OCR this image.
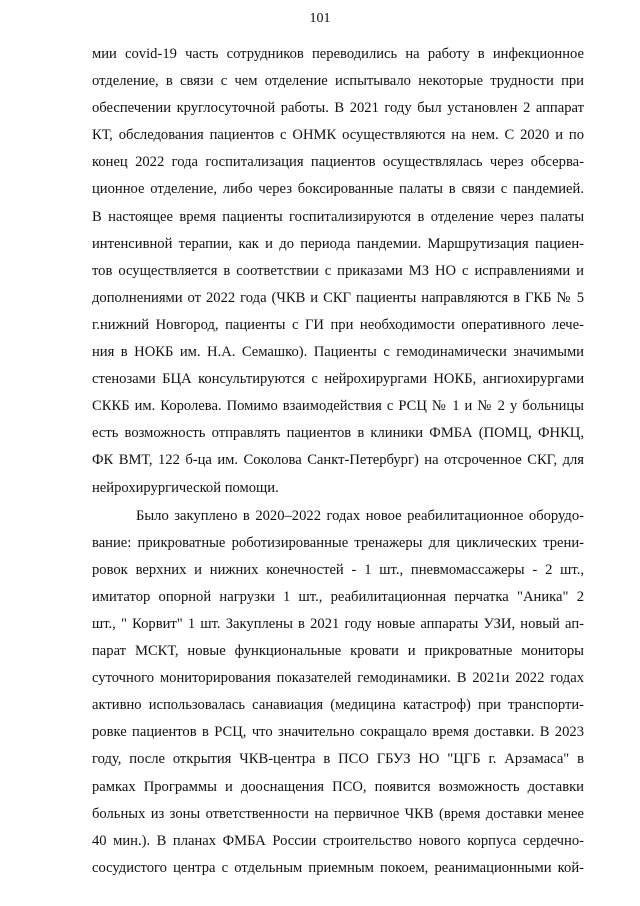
101
мии covid-19 часть сотрудников переводились на работу в инфекционное
отделение, в связи с чем отделение испытывало некоторые трудности при
обеспечении круглосуточной работы. В 2021 году был установлен 2 аппарат
КТ, обследования пациентов с ОНМК осуществляются на нем. С 2020 и по
конец 2022 года госпитализация пациентов осуществлялась через обсерва-
ционное отделение, либо через боксированные палаты в связи с пандемией.
В настоящее время пациенты госпитализируются в отделение через палаты
интенсивной терапии, как и до периода пандемии. Маршрутизация пациен-
тов осуществляется в соответствии с приказами МЗ НО с исправлениями и
дополнениями от 2022 года (ЧКВ и СКГ пациенты направляются в ГКБ № 5
г.нижний Новгород, пациенты с ГИ при необходимости оперативного лече-
ния в НОКБ им. Н.А. Семашко). Пациенты с гемодинамически значимыми
стенозами БЦА консультируются с нейрохирургами НОКБ, ангиохирургами
СККБ им. Королева. Помимо взаимодействия с РСЦ № 1 и № 2 у больницы
есть возможность отправлять пациентов в клиники ФМБА (ПОМЦ, ФНКЦ,
ФК ВМТ, 122 б-ца им. Соколова Санкт-Петербург) на отсроченное СКГ, для
нейрохирургической помощи.
Было закуплено в 2020–2022 годах новое реабилитационное оборудо-
вание: прикроватные роботизированные тренажеры для циклических трени-
ровок верхних и нижних конечностей - 1 шт., пневмомассажеры - 2 шт.,
имитатор опорной нагрузки 1 шт., реабилитационная перчатка "Аника" 2
шт., " Корвит" 1 шт. Закуплены в 2021 году новые аппараты УЗИ, новый ап-
парат МСКТ, новые функциональные кровати и прикроватные мониторы
суточного мониторирования показателей гемодинамики. В 2021и 2022 годах
активно использовалась санавиация (медицина катастроф) при транспорти-
ровке пациентов в РСЦ, что значительно сокращало время доставки. В 2023
году, после открытия ЧКВ-центра в ПСО ГБУЗ НО "ЦГБ г. Арзамаса" в
рамках Программы и дооснащения ПСО, появится возможность доставки
больных из зоны ответственности на первичное ЧКВ (время доставки менее
40 мин.). В планах ФМБА России строительство нового корпуса сердечно-
сосудистого центра с отдельным приемным покоем, реанимационными кой-
